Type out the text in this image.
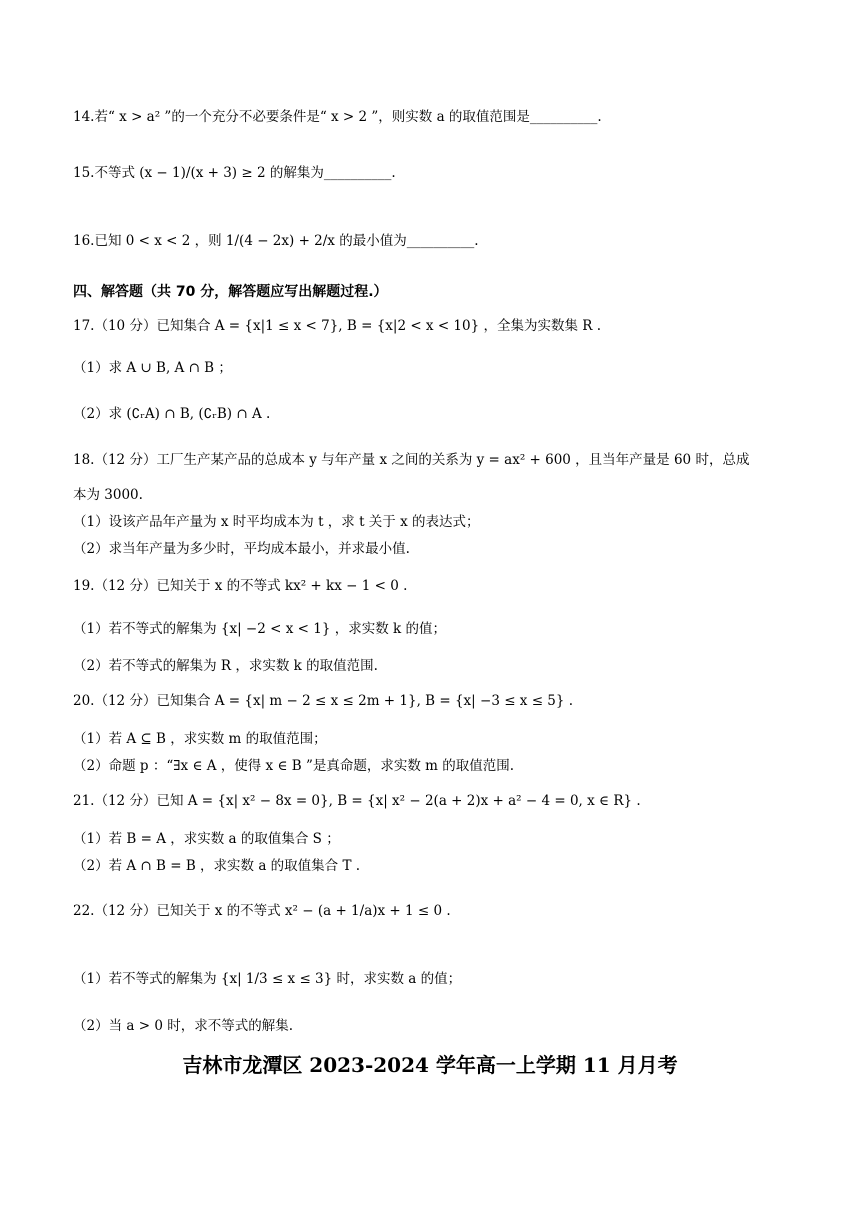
14.若“ x > a² ”的一个充分不必要条件是“ x > 2 ”，则实数 a 的取值范围是__________.
15.不等式 (x − 1)/(x + 3) ≥ 2 的解集为__________.
16.已知 0 < x < 2 ，则 1/(4 − 2x) + 2/x 的最小值为__________.
四、解答题（共 70 分，解答题应写出解题过程.）
17.（10 分）已知集合 A = {x|1 ≤ x < 7}, B = {x|2 < x < 10} ，全集为实数集 R .
（1）求 A ∪ B, A ∩ B ；
（2）求 (∁ᵣA) ∩ B, (∁ᵣB) ∩ A .
18.（12 分）工厂生产某产品的总成本 y 与年产量 x 之间的关系为 y = ax² + 600 ，且当年产量是 60 时，总成
本为 3000.
（1）设该产品年产量为 x 时平均成本为 t ，求 t 关于 x 的表达式；
（2）求当年产量为多少时，平均成本最小，并求最小值.
19.（12 分）已知关于 x 的不等式 kx² + kx − 1 < 0 .
（1）若不等式的解集为 {x| −2 < x < 1} ，求实数 k 的值；
（2）若不等式的解集为 R ，求实数 k 的取值范围.
20.（12 分）已知集合 A = {x| m − 2 ≤ x ≤ 2m + 1}, B = {x| −3 ≤ x ≤ 5} .
（1）若 A ⊆ B ，求实数 m 的取值范围；
（2）命题 p ：“∃x ∈ A ，使得 x ∈ B ”是真命题，求实数 m 的取值范围.
21.（12 分）已知 A = {x| x² − 8x = 0}, B = {x| x² − 2(a + 2)x + a² − 4 = 0, x ∈ R} .
（1）若 B = A ，求实数 a 的取值集合 S ；
（2）若 A ∩ B = B ，求实数 a 的取值集合 T .
22.（12 分）已知关于 x 的不等式 x² − (a + 1/a)x + 1 ≤ 0 .
（1）若不等式的解集为 {x| 1/3 ≤ x ≤ 3} 时，求实数 a 的值；
（2）当 a > 0 时，求不等式的解集.
吉林市龙潭区 2023-2024 学年高一上学期 11 月月考
